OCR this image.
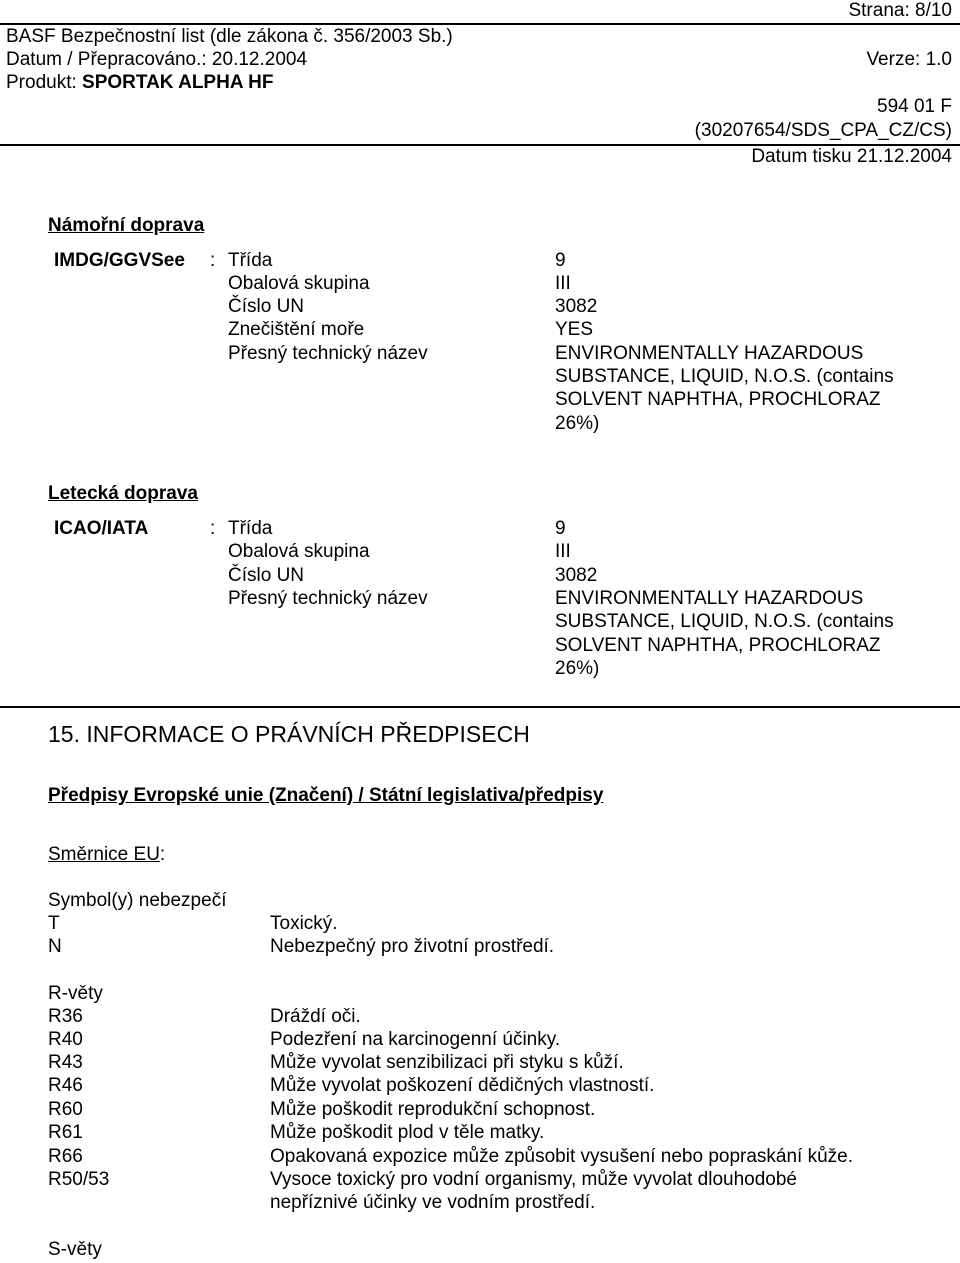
Strana: 8/10
BASF Bezpečnostní list (dle zákona č. 356/2003 Sb.)
Datum / Přepracováno.: 20.12.2004	Verze: 1.0
Produkt: SPORTAK ALPHA HF
594 01 F
(30207654/SDS_CPA_CZ/CS)
Datum tisku 21.12.2004
Námořní doprava
IMDG/GGVSee : Třída	9
Obalová skupina	III
Číslo UN	3082
Znečištění moře	YES
Přesný technický název	ENVIRONMENTALLY HAZARDOUS
SUBSTANCE, LIQUID, N.O.S. (contains
SOLVENT NAPHTHA, PROCHLORAZ
26%)
Letecká doprava
ICAO/IATA	: Třída	9
Obalová skupina	III
Číslo UN	3082
Přesný technický název	ENVIRONMENTALLY HAZARDOUS
SUBSTANCE, LIQUID, N.O.S. (contains
SOLVENT NAPHTHA, PROCHLORAZ
26%)
15. INFORMACE O PRÁVNÍCH PŘEDPISECH
Předpisy Evropské unie (Značení) / Státní legislativa/předpisy
Směrnice EU:
Symbol(y) nebezpečí
T	Toxický.
N	Nebezpečný pro životní prostředí.
R-věty
R36	Dráždí oči.
R40	Podezření na karcinogenní účinky.
R43	Může vyvolat senzibilizaci při styku s kůží.
R46	Může vyvolat poškození dědičných vlastností.
R60	Může poškodit reprodukční schopnost.
R61	Může poškodit plod v těle matky.
R66	Opakovaná expozice může způsobit vysušení nebo popraskání kůže.
R50/53	Vysoce toxický pro vodní organismy, může vyvolat dlouhodobé
nepříznivé účinky ve vodním prostředí.
S-věty
